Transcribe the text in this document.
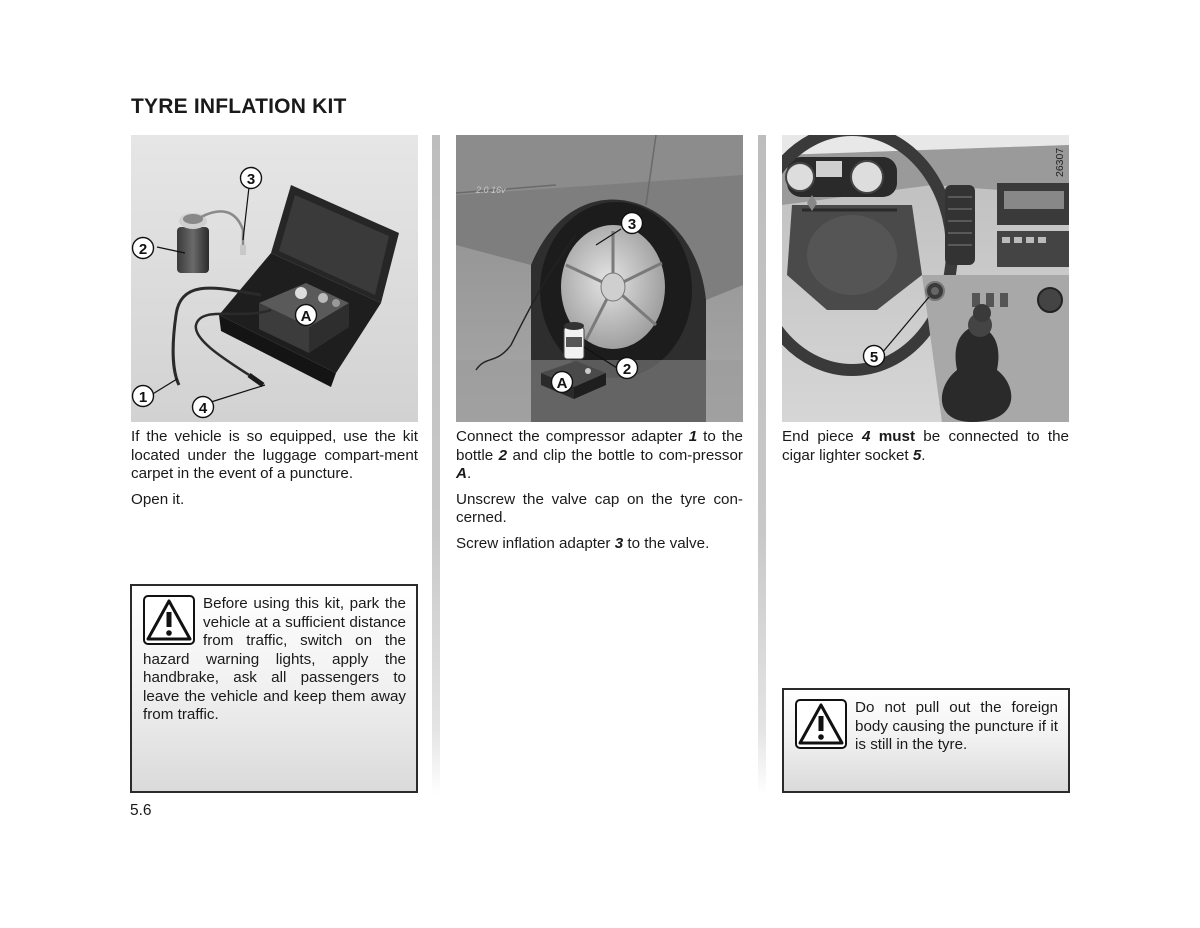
TYRE INFLATION KIT
1
2
3
4
A

If the vehicle is so equipped, use the kit located under the luggage compart-ment carpet in the event of a puncture.

Open it.

Before using this kit, park the vehicle at a sufficient distance from traffic, switch on the hazard warning lights, apply the handbrake, ask all passengers to leave the vehicle and keep them away from traffic.
2.0 16v
3
2
A

Connect the compressor adapter 1 to the bottle 2 and clip the bottle to com-pressor A.

Unscrew the valve cap on the tyre con-cerned.

Screw inflation adapter 3 to the valve.

26307
5

End piece 4 must be connected to the cigar lighter socket 5.

Do not pull out the foreign body causing the puncture if it is still in the tyre.
5.6
